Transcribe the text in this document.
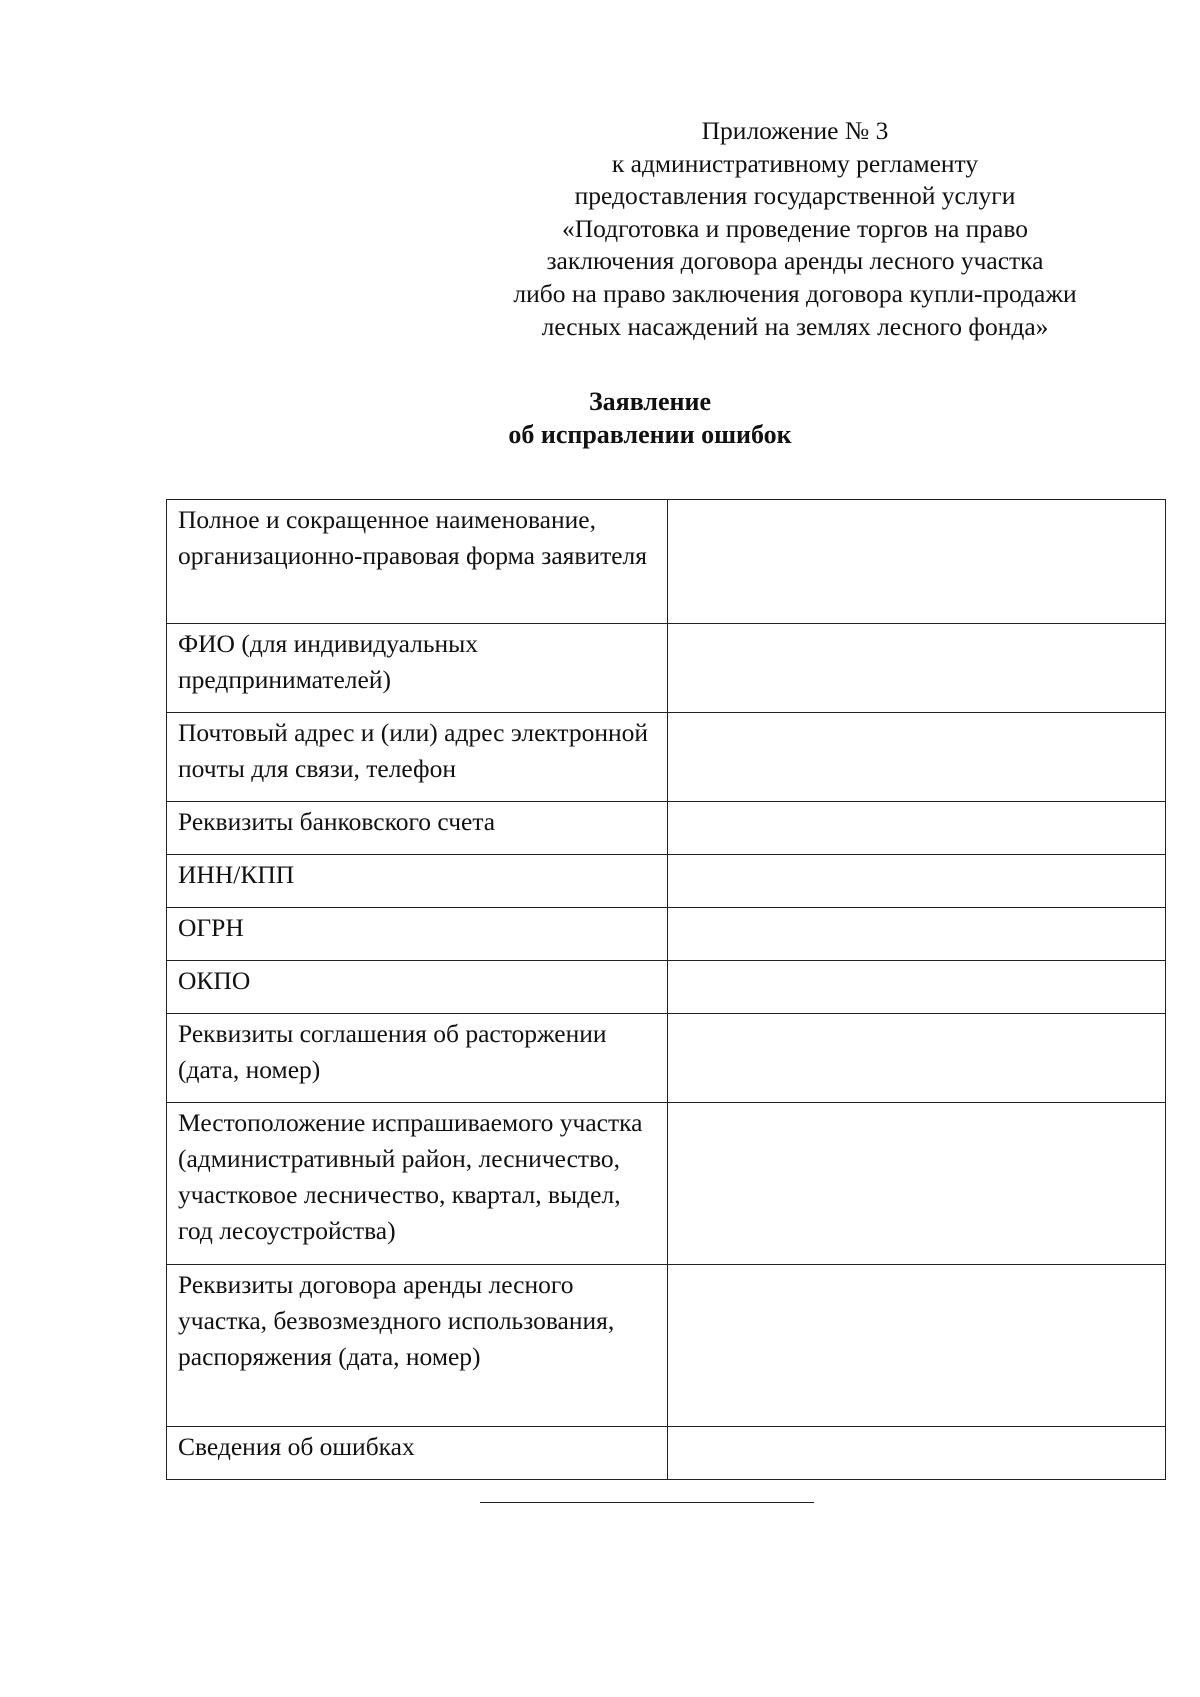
Приложение № 3
к административному регламенту
предоставления государственной услуги
«Подготовка и проведение торгов на право
заключения договора аренды лесного участка
либо на право заключения договора купли-продажи
лесных насаждений на землях лесного фонда»
Заявление
об исправлении ошибок
Полное и сокращенное наименование, организационно-правовая форма заявителя	
ФИО (для индивидуальных предпринимателей)	
Почтовый адрес и (или) адрес электронной почты для связи, телефон	
Реквизиты банковского счета	
ИНН/КПП	
ОГРН	
ОКПО	
Реквизиты соглашения об расторжении (дата, номер)	
Местоположение испрашиваемого участка (административный район, лесничество, участковое лесничество, квартал, выдел, год лесоустройства)	
Реквизиты договора аренды лесного участка, безвозмездного использования, распоряжения (дата, номер)	
Сведения об ошибках	
